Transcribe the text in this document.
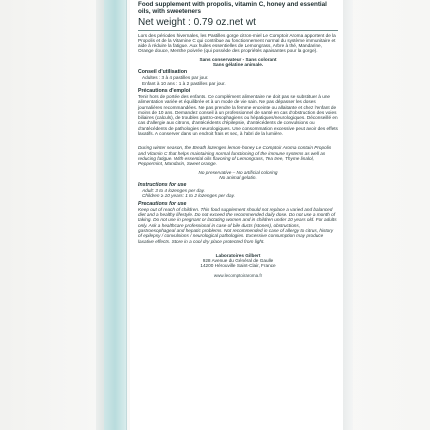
Food supplement with propolis, vitamin C, honey and essential oils, with sweeteners
Net weight : 0.79 oz.net wt
Lors des périodes hivernales, les Pastilles gorge citron-miel Le Comptoir Aroma apportent de la Propolis et de la Vitamine C qui contribue au fonctionnement normal du système immunitaire et aide à réduire la fatigue. Aux huiles essentielles de Lemongrass, Arbre à thé, Mandarine, Orange douce, Menthe poivrée (qui possède des propriétés apaisantes pour la gorge).
Sans conservateur - Sans colorant
Sans gélatine animale.
Conseil d'utilisation
Adultes : 3 à 4 pastilles par jour.
Enfant à 10 ans : 1 à 2 pastilles par jour.
Précautions d'emploi
Tenir hors de portée des enfants. Ce complément alimentaire ne doit pas se substituer à une alimentation variée et équilibrée et à un mode de vie sain. Ne pas dépasser les doses journalières recommandées. Ne pas prendre la femme enceinte ou allaitante et chez l'enfant de moins de 10 ans. Demandez conseil à un professionnel de santé en cas d'obstruction des voies biliaires (calculs), de troubles gastro-œsophagiens ou hépatiques/neurologiques. Déconseillé en cas d'allergie aux citrons, d'antécédents d'épilepsie, d'antécédents de convulsions ou d'antécédents de pathologies neurologiques. Une consommation excessive peut avoir des effets laxatifs. A conserver dans un endroit frais et sec, à l'abri de la lumière.
During winter season, the Breath lozenges lemon-honey Le Comptoir Aroma contain Propolis and Vitamin C that helps maintaining normal functioning of the immune systems as well as reducing fatigue. With essential oils flavoring of Lemongrass, Tea tree, Thyme linalol, Peppermint, Mandarin, Sweet orange.
No preservative – No artificial coloring
No animal gelatin.
Instructions for use
Adult: 3 to 4 lozenges per day.
Children ≥ 10 years: 1 to 2 lozenges per day.
Precautions for use
Keep out of reach of children. This food supplement should not replace a varied and balanced diet and a healthy lifestyle. Do not exceed the recommended daily dose. Do not use a month of taking. Do not use in pregnant or lactating women and in children under 10 years old. For adults only. Ask a healthcare professional in case of bile ducts (stones), obstructions, gastroesophageal and hepatic problems. Not recommended in case of allergy to citrus, history of epilepsy / convulsions / neurological pathologies. Excessive consumption may produce laxative effects. Store in a cool dry place protected from light.
Laboratoires Gilbert
928 Avenue du Général de Gaulle
14200 Hérouville Saint-Clair, France
www.lecomptoiraroma.fr
